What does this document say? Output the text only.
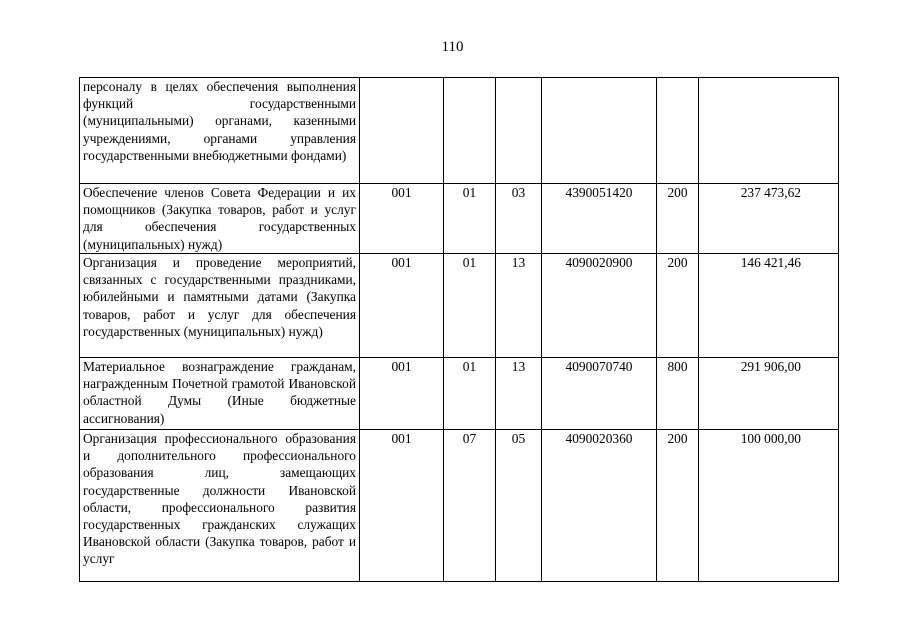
110
персоналу в целях обеспечения выполнения функций государственными (муниципальными) органами, казенными учреждениями, органами управления государственными внебюджетными фондами)						
Обеспечение членов Совета Федерации и их помощников (Закупка товаров, работ и услуг для обеспечения государственных (муниципальных) нужд)	001	01	03	4390051420	200	237 473,62
Организация и проведение мероприятий, связанных с государственными праздниками, юбилейными и памятными датами (Закупка товаров, работ и услуг для обеспечения государственных (муниципальных) нужд)	001	01	13	4090020900	200	146 421,46
Материальное вознаграждение гражданам, награжденным Почетной грамотой Ивановской областной Думы (Иные бюджетные ассигнования)	001	01	13	4090070740	800	291 906,00
Организация профессионального образования и дополнительного профессионального образования лиц, замещающих государственные должности Ивановской области, профессионального развития государственных гражданских служащих Ивановской области (Закупка товаров, работ и услуг	001	07	05	4090020360	200	100 000,00
